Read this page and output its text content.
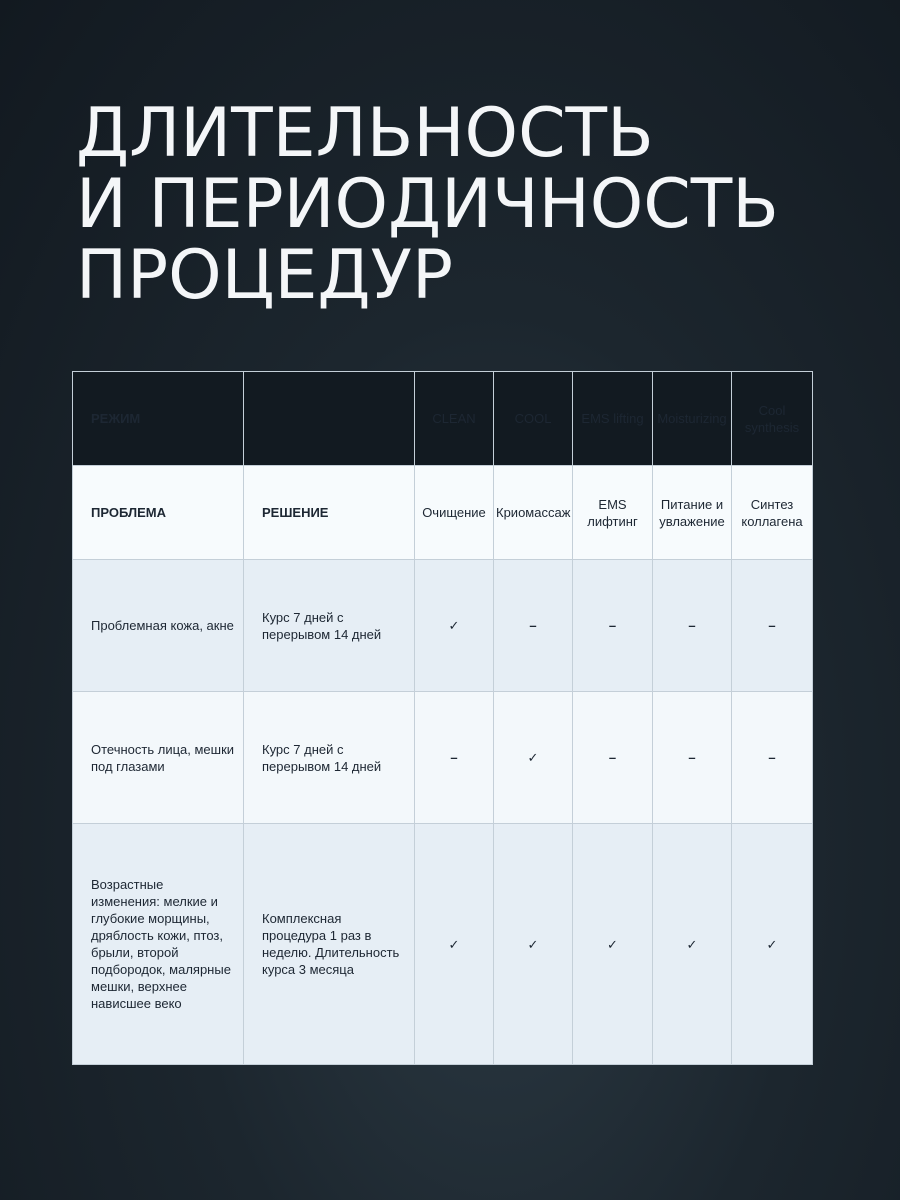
ДЛИТЕЛЬНОСТЬ
И ПЕРИОДИЧНОСТЬ
ПРОЦЕДУР
РЕЖИМ		CLEAN	COOL	EMS lifting	Moisturizing	Cool synthesis
ПРОБЛЕМА	РЕШЕНИЕ	Очищение	Криомассаж	EMS лифтинг	Питание и увлажение	Синтез коллагена
Проблемная кожа, акне	Курс 7 дней с перерывом 14 дней	✓	–	–	–	–
Отечность лица, мешки под глазами	Курс 7 дней с перерывом 14 дней	–	✓	–	–	–
Возрастные изменения: мелкие и глубокие морщины, дряблость кожи, птоз, брыли, второй подбородок, малярные мешки, верхнее нависшее веко	Комплексная процедура 1 раз в неделю. Длительность курса 3 месяца	✓	✓	✓	✓	✓
